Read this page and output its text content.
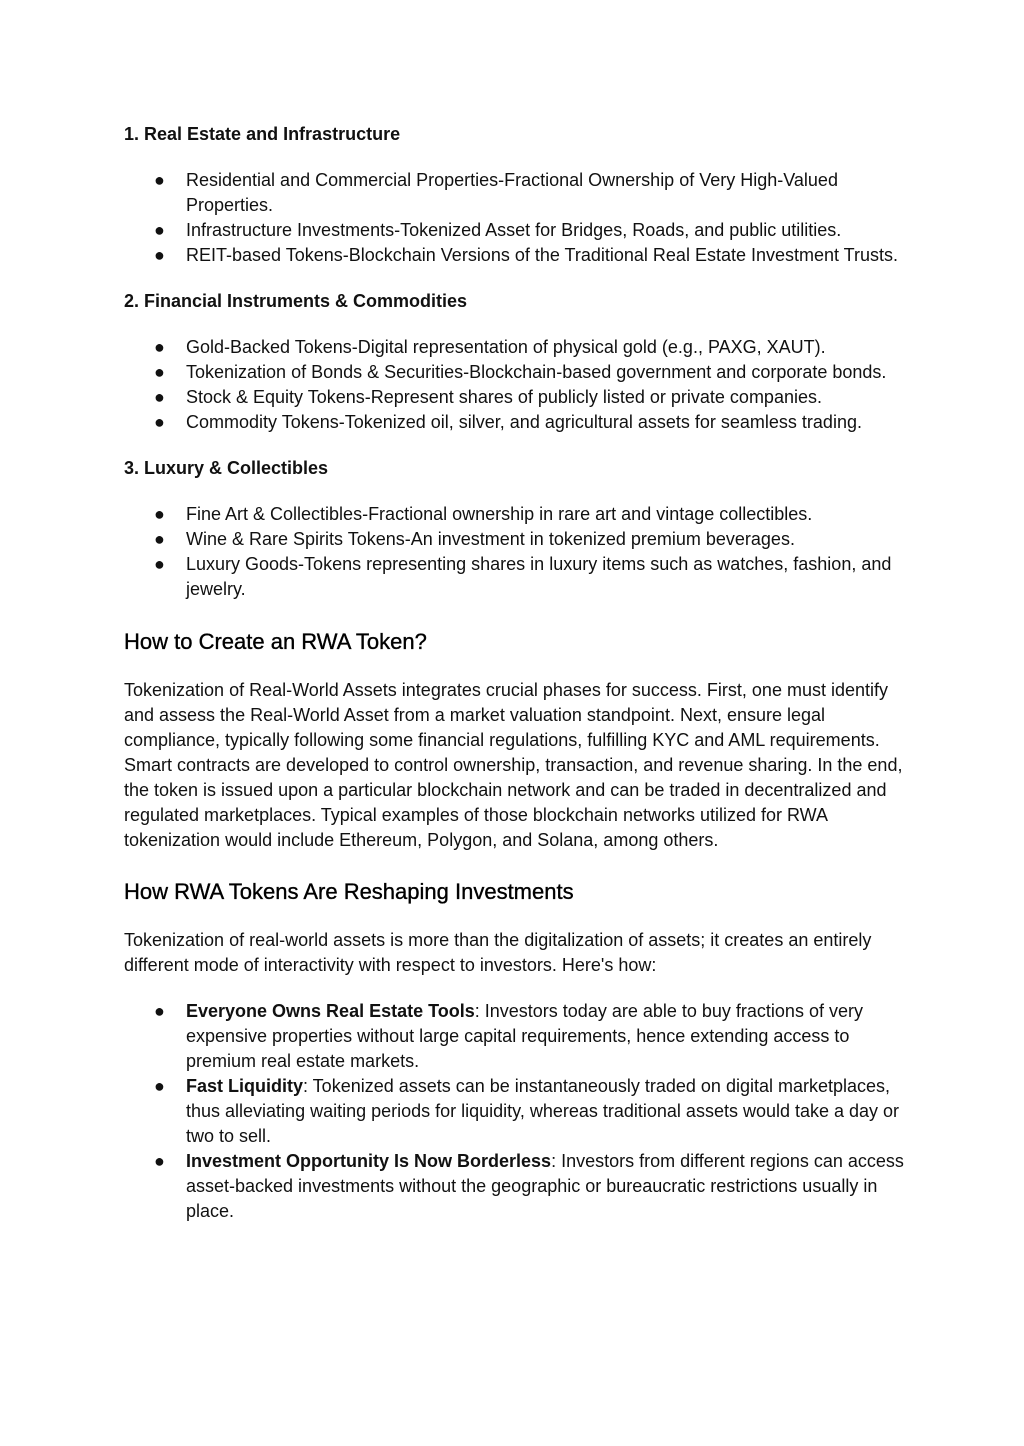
1. Real Estate and Infrastructure

● Residential and Commercial Properties-Fractional Ownership of Very High-Valued Properties.
● Infrastructure Investments-Tokenized Asset for Bridges, Roads, and public utilities.
● REIT-based Tokens-Blockchain Versions of the Traditional Real Estate Investment Trusts.

2. Financial Instruments & Commodities

● Gold-Backed Tokens-Digital representation of physical gold (e.g., PAXG, XAUT).
● Tokenization of Bonds & Securities-Blockchain-based government and corporate bonds.
● Stock & Equity Tokens-Represent shares of publicly listed or private companies.
● Commodity Tokens-Tokenized oil, silver, and agricultural assets for seamless trading.

3. Luxury & Collectibles

● Fine Art & Collectibles-Fractional ownership in rare art and vintage collectibles.
● Wine & Rare Spirits Tokens-An investment in tokenized premium beverages.
● Luxury Goods-Tokens representing shares in luxury items such as watches, fashion, and jewelry.
How to Create an RWA Token?

Tokenization of Real-World Assets integrates crucial phases for success. First, one must identify and assess the Real-World Asset from a market valuation standpoint. Next, ensure legal compliance, typically following some financial regulations, fulfilling KYC and AML requirements. Smart contracts are developed to control ownership, transaction, and revenue sharing. In the end, the token is issued upon a particular blockchain network and can be traded in decentralized and regulated marketplaces. Typical examples of those blockchain networks utilized for RWA tokenization would include Ethereum, Polygon, and Solana, among others.

How RWA Tokens Are Reshaping Investments

Tokenization of real-world assets is more than the digitalization of assets; it creates an entirely different mode of interactivity with respect to investors. Here's how:

● Everyone Owns Real Estate Tools: Investors today are able to buy fractions of very expensive properties without large capital requirements, hence extending access to premium real estate markets.
● Fast Liquidity: Tokenized assets can be instantaneously traded on digital marketplaces, thus alleviating waiting periods for liquidity, whereas traditional assets would take a day or two to sell.
● Investment Opportunity Is Now Borderless: Investors from different regions can access asset-backed investments without the geographic or bureaucratic restrictions usually in place.
